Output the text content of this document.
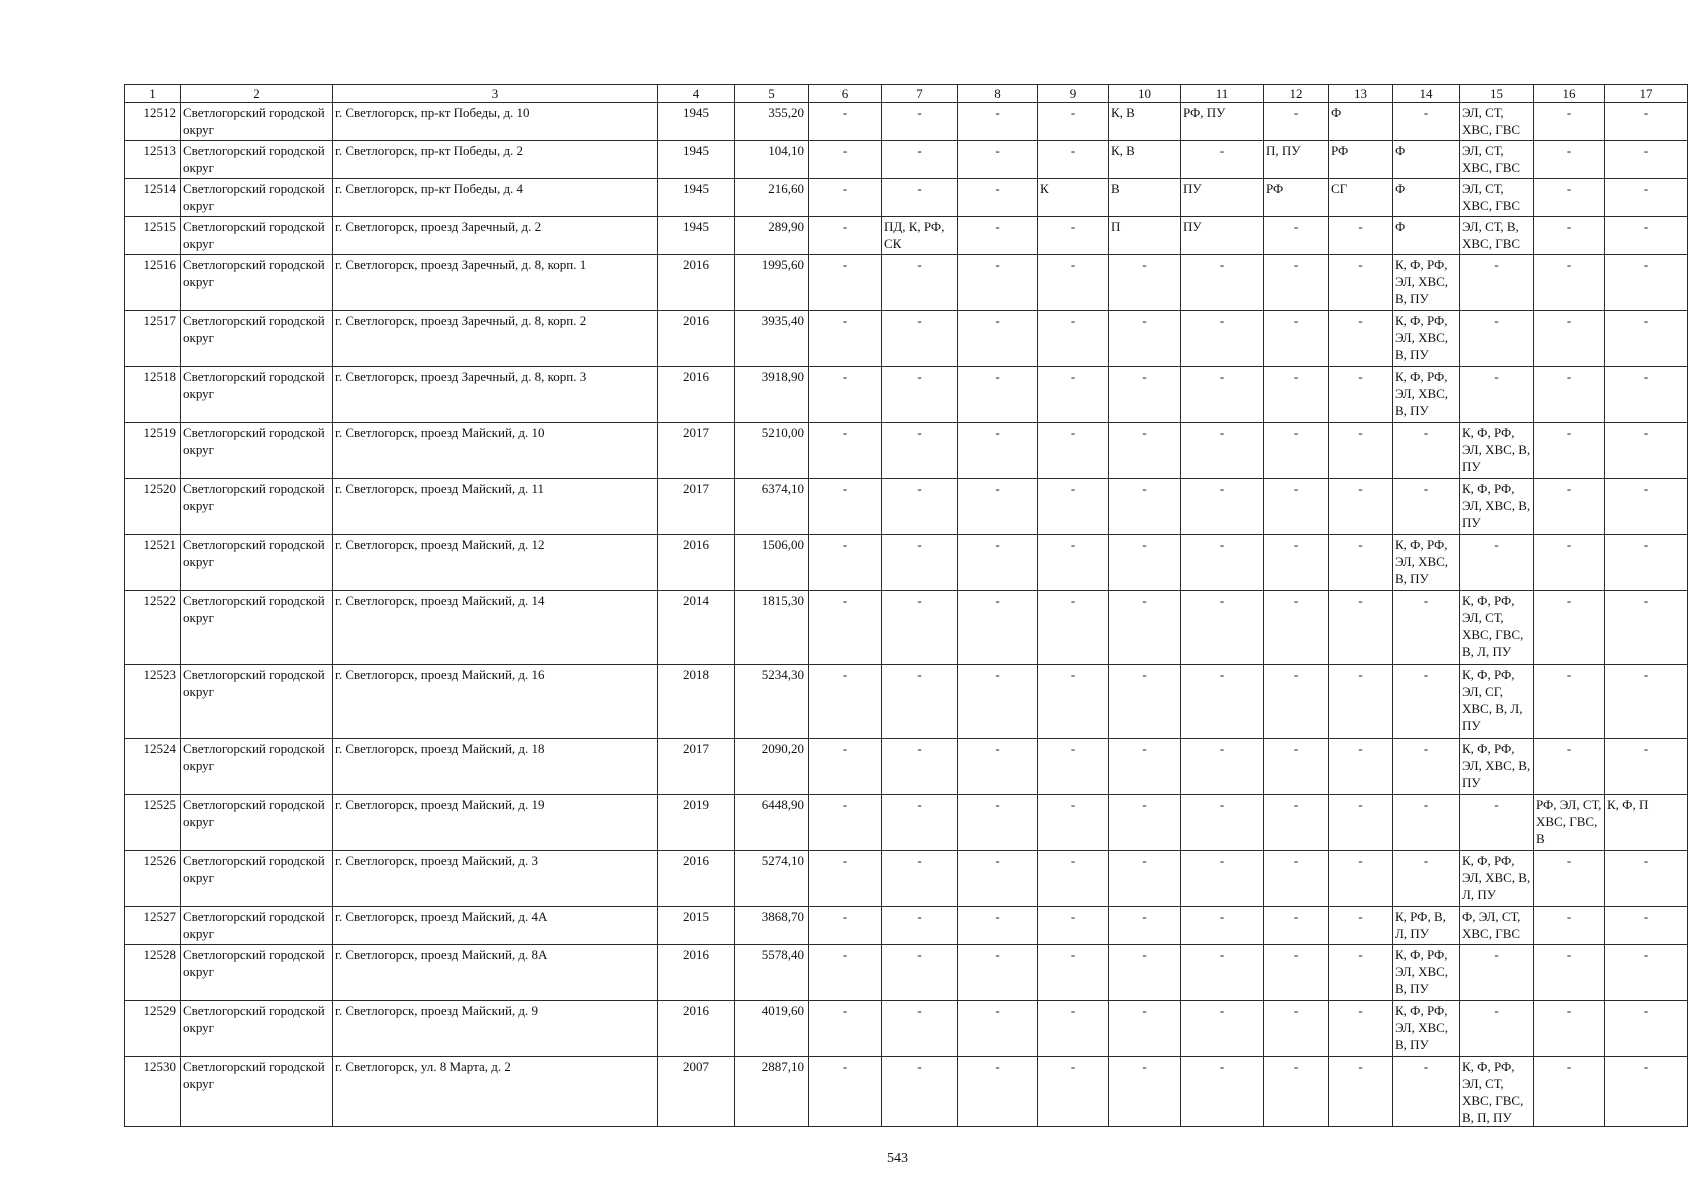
1	2	3	4	5	6	7	8	9	10	11	12	13	14	15	16	17
12512	Светлогорский городской округ	г. Светлогорск, пр-кт Победы, д. 10	1945	355,20	-	-	-	-	К, В	РФ, ПУ	-	Ф	-	ЭЛ, СТ, ХВС, ГВС	-	-
12513	Светлогорский городской округ	г. Светлогорск, пр-кт Победы, д. 2	1945	104,10	-	-	-	-	К, В	-	П, ПУ	РФ	Ф	ЭЛ, СТ, ХВС, ГВС	-	-
12514	Светлогорский городской округ	г. Светлогорск, пр-кт Победы, д. 4	1945	216,60	-	-	-	К	В	ПУ	РФ	СГ	Ф	ЭЛ, СТ, ХВС, ГВС	-	-
12515	Светлогорский городской округ	г. Светлогорск, проезд Заречный, д. 2	1945	289,90	-	ПД, К, РФ, СК	-	-	П	ПУ	-	-	Ф	ЭЛ, СТ, В, ХВС, ГВС	-	-
12516	Светлогорский городской округ	г. Светлогорск, проезд Заречный, д. 8, корп. 1	2016	1995,60	-	-	-	-	-	-	-	-	К, Ф, РФ, ЭЛ, ХВС, В, ПУ	-	-	-
12517	Светлогорский городской округ	г. Светлогорск, проезд Заречный, д. 8, корп. 2	2016	3935,40	-	-	-	-	-	-	-	-	К, Ф, РФ, ЭЛ, ХВС, В, ПУ	-	-	-
12518	Светлогорский городской округ	г. Светлогорск, проезд Заречный, д. 8, корп. 3	2016	3918,90	-	-	-	-	-	-	-	-	К, Ф, РФ, ЭЛ, ХВС, В, ПУ	-	-	-
12519	Светлогорский городской округ	г. Светлогорск, проезд Майский, д. 10	2017	5210,00	-	-	-	-	-	-	-	-	-	К, Ф, РФ, ЭЛ, ХВС, В, ПУ	-	-
12520	Светлогорский городской округ	г. Светлогорск, проезд Майский, д. 11	2017	6374,10	-	-	-	-	-	-	-	-	-	К, Ф, РФ, ЭЛ, ХВС, В, ПУ	-	-
12521	Светлогорский городской округ	г. Светлогорск, проезд Майский, д. 12	2016	1506,00	-	-	-	-	-	-	-	-	К, Ф, РФ, ЭЛ, ХВС, В, ПУ	-	-	-
12522	Светлогорский городской округ	г. Светлогорск, проезд Майский, д. 14	2014	1815,30	-	-	-	-	-	-	-	-	-	К, Ф, РФ, ЭЛ, СТ, ХВС, ГВС, В, Л, ПУ	-	-
12523	Светлогорский городской округ	г. Светлогорск, проезд Майский, д. 16	2018	5234,30	-	-	-	-	-	-	-	-	-	К, Ф, РФ, ЭЛ, СГ, ХВС, В, Л, ПУ	-	-
12524	Светлогорский городской округ	г. Светлогорск, проезд Майский, д. 18	2017	2090,20	-	-	-	-	-	-	-	-	-	К, Ф, РФ, ЭЛ, ХВС, В, ПУ	-	-
12525	Светлогорский городской округ	г. Светлогорск, проезд Майский, д. 19	2019	6448,90	-	-	-	-	-	-	-	-	-	-	РФ, ЭЛ, СТ, ХВС, ГВС, В	К, Ф, П
12526	Светлогорский городской округ	г. Светлогорск, проезд Майский, д. 3	2016	5274,10	-	-	-	-	-	-	-	-	-	К, Ф, РФ, ЭЛ, ХВС, В, Л, ПУ	-	-
12527	Светлогорский городской округ	г. Светлогорск, проезд Майский, д. 4А	2015	3868,70	-	-	-	-	-	-	-	-	К, РФ, В, Л, ПУ	Ф, ЭЛ, СТ, ХВС, ГВС	-	-
12528	Светлогорский городской округ	г. Светлогорск, проезд Майский, д. 8А	2016	5578,40	-	-	-	-	-	-	-	-	К, Ф, РФ, ЭЛ, ХВС, В, ПУ	-	-	-
12529	Светлогорский городской округ	г. Светлогорск, проезд Майский, д. 9	2016	4019,60	-	-	-	-	-	-	-	-	К, Ф, РФ, ЭЛ, ХВС, В, ПУ	-	-	-
12530	Светлогорский городской округ	г. Светлогорск, ул. 8 Марта, д. 2	2007	2887,10	-	-	-	-	-	-	-	-	-	К, Ф, РФ, ЭЛ, СТ, ХВС, ГВС, В, П, ПУ	-	-
543
